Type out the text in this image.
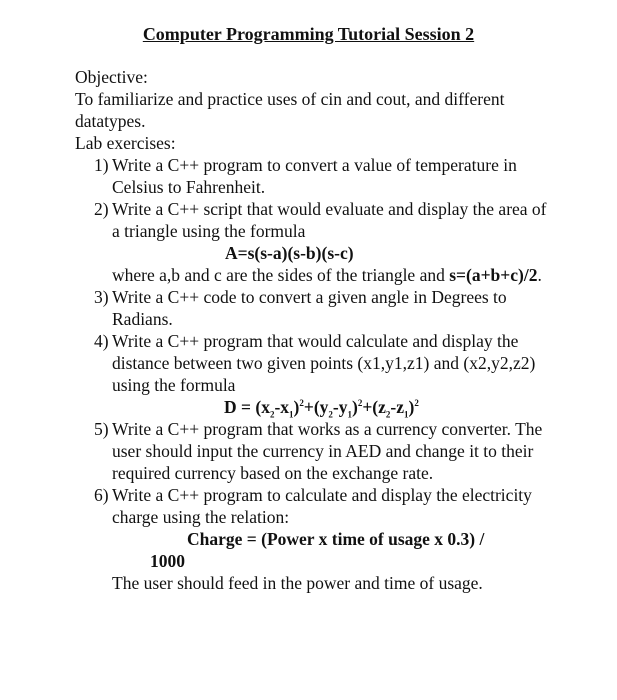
Computer Programming Tutorial Session 2

Objective:

To familiarize and practice uses of cin and cout, and different datatypes.

Lab exercises:

1) Write a C++ program to convert a value of temperature in Celsius to Fahrenheit.
2) Write a C++ script that would evaluate and display the area of a triangle using the formula
A=s(s-a)(s-b)(s-c)
where a,b and c are the sides of the triangle and s=(a+b+c)/2.
3) Write a C++ code to convert a given angle in Degrees to Radians.
4) Write a C++ program that would calculate and display the distance between two given points (x1,y1,z1) and (x2,y2,z2) using the formula
$D = (x_2-x_1)^2+(y_2-y_1)^2+(z_2-z_1)^2$
5) Write a C++ program that works as a currency converter. The user should input the currency in AED and change it to their required currency based on the exchange rate.
6) Write a C++ program to calculate and display the electricity charge using the relation:
Charge = (Power x time of usage x 0.3) /
1000
The user should feed in the power and time of usage.
